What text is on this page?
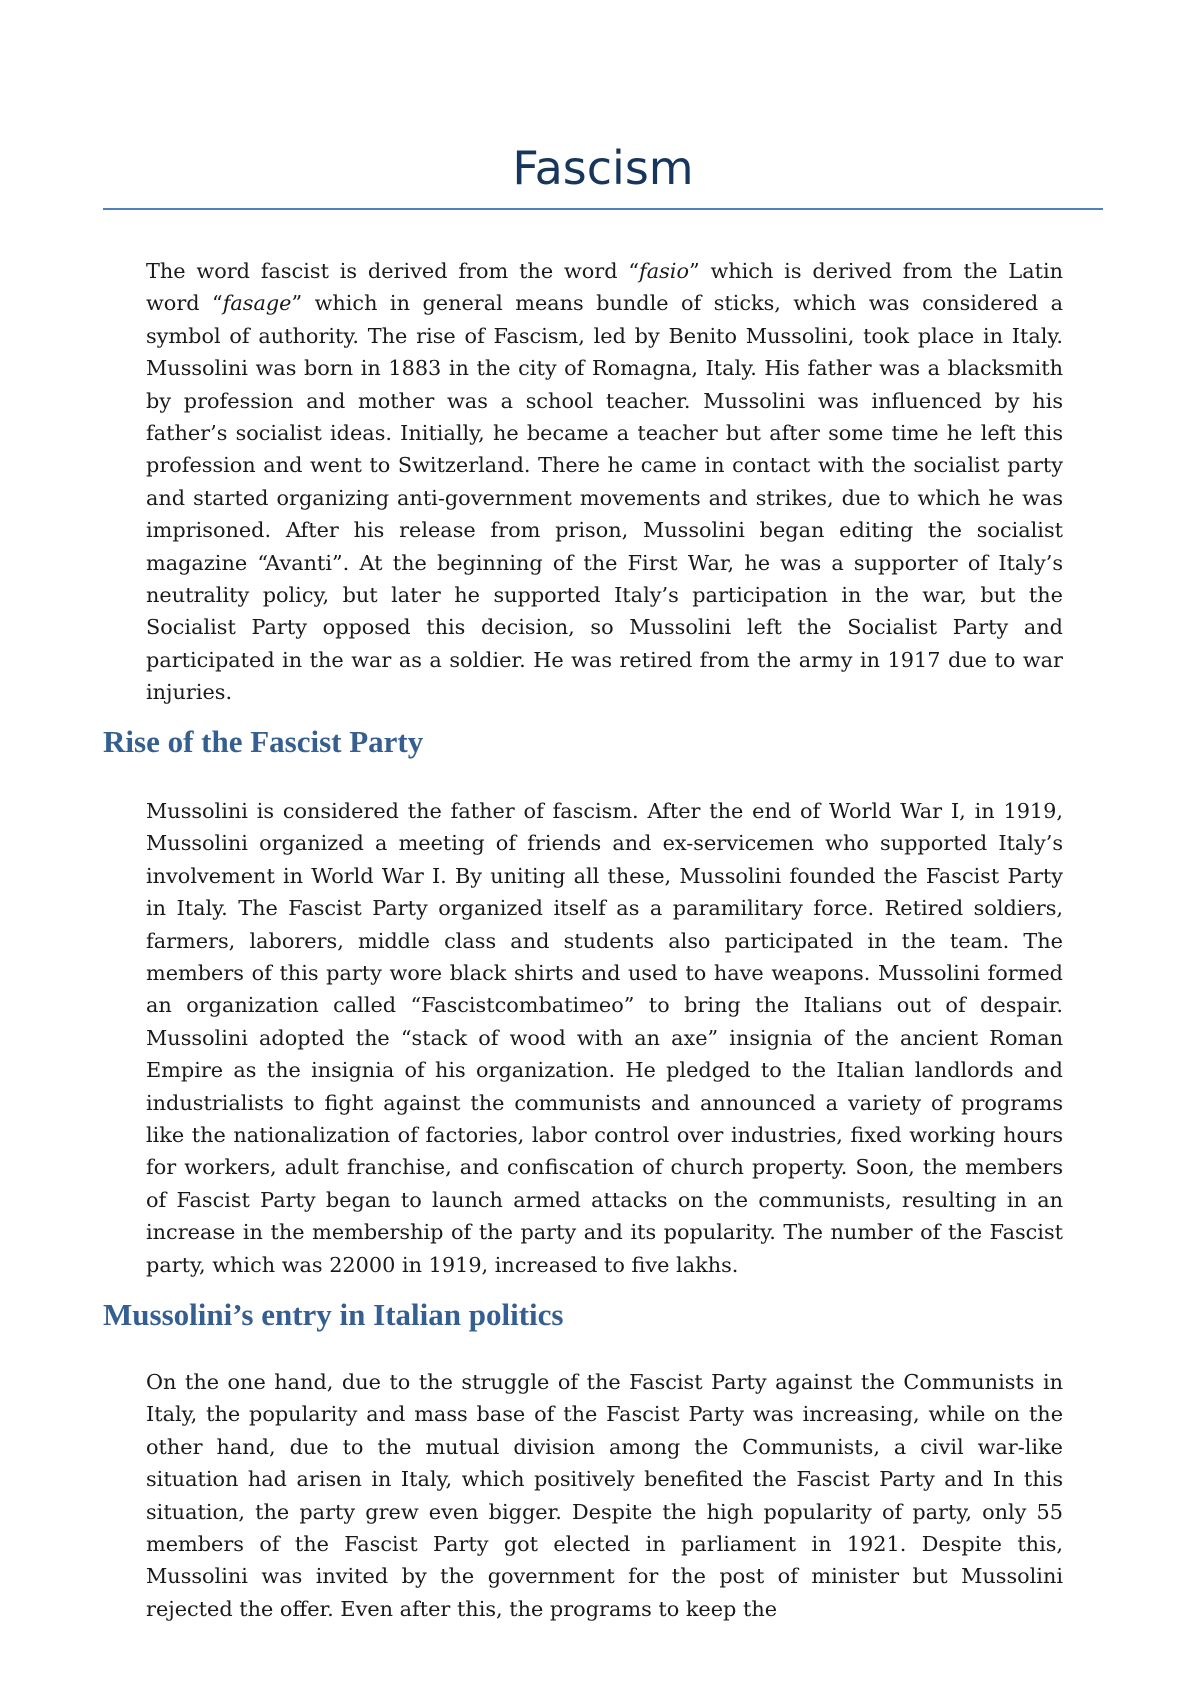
Fascism

The word fascist is derived from the word “fasio” which is derived from the Latin word “fasage” which in general means bundle of sticks, which was considered a symbol of authority. The rise of Fascism, led by Benito Mussolini, took place in Italy. Mussolini was born in 1883 in the city of Romagna, Italy. His father was a blacksmith by profession and mother was a school teacher. Mussolini was influenced by his father’s socialist ideas. Initially, he became a teacher but after some time he left this profession and went to Switzerland. There he came in contact with the socialist party and started organizing anti-government movements and strikes, due to which he was imprisoned. After his release from prison, Mussolini began editing the socialist magazine “Avanti”. At the beginning of the First War, he was a supporter of Italy’s neutrality policy, but later he supported Italy’s participation in the war, but the Socialist Party opposed this decision, so Mussolini left the Socialist Party and participated in the war as a soldier. He was retired from the army in 1917 due to war injuries.

Rise of the Fascist Party

Mussolini is considered the father of fascism. After the end of World War I, in 1919, Mussolini organized a meeting of friends and ex-servicemen who supported Italy’s involvement in World War I. By uniting all these, Mussolini founded the Fascist Party in Italy. The Fascist Party organized itself as a paramilitary force. Retired soldiers, farmers, laborers, middle class and students also participated in the team. The members of this party wore black shirts and used to have weapons. Mussolini formed an organization called “Fascistcombatimeo” to bring the Italians out of despair. Mussolini adopted the “stack of wood with an axe” insignia of the ancient Roman Empire as the insignia of his organization. He pledged to the Italian landlords and industrialists to fight against the communists and announced a variety of programs like the nationalization of factories, labor control over industries, fixed working hours for workers, adult franchise, and confiscation of church property. Soon, the members of Fascist Party began to launch armed attacks on the communists, resulting in an increase in the membership of the party and its popularity. The number of the Fascist party, which was 22000 in 1919, increased to five lakhs.

Mussolini’s entry in Italian politics

On the one hand, due to the struggle of the Fascist Party against the Communists in Italy, the popularity and mass base of the Fascist Party was increasing, while on the other hand, due to the mutual division among the Communists, a civil war-like situation had arisen in Italy, which positively benefited the Fascist Party and In this situation, the party grew even bigger. Despite the high popularity of party, only 55 members of the Fascist Party got elected in parliament in 1921. Despite this, Mussolini was invited by the government for the post of minister but Mussolini rejected the offer. Even after this, the programs to keep the
